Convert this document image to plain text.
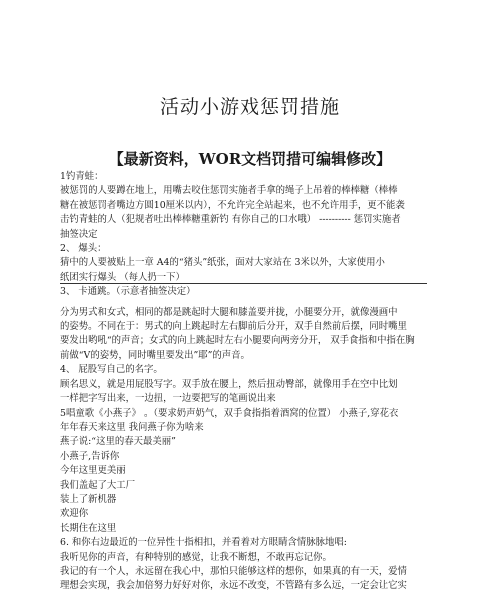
活动小游戏惩罚措施
【最新资料，WOR文档罚措可编辑修改】

1钓青蛙：

被惩罚的人要蹲在地上，用嘴去咬住惩罚实施者手拿的绳子上吊着的棒棒糖（棒棒

糖在被惩罚者嘴边方圆10厘米以内），不允许完全站起来，也不允许用手，更不能袭

击钓青蛙的人（犯规者吐出棒棒糖重新钓 有你自己的口水哦） ---------- 惩罚实施者

抽签决定

2、 爆头：

猜中的人要被贴上一章 A4的“猪头”纸张，面对大家站在 3米以外，大家使用小

纸团实行爆头 （每人扔一下）

3、 卡通跳。（示意者抽签决定）

分为男式和女式，相同的都是跳起时大腿和膝盖要并拢，小腿要分开，就像漫画中

的姿势。不同在于：男式的向上跳起时左右脚前后分开，双手自然前后摆，同时嘴里

要发出哟吼“的声音；女式的向上跳起时左右小腿要向两旁分开， 双手食指和中指在胸

前做“V的姿势，同时嘴里要发出”耶”的声音。

4、 屁股写自己的名字。

顾名思义，就是用屁股写字。双手放在腰上，然后扭动臀部，就像用手在空中比划

一样把字写出来，一边扭，一边要把写的笔画说出来

5唱童歌《小燕子》 。（要求奶声奶气，双手食指指着酒窝的位置） 小燕子,穿花衣

年年春天来这里 我问燕子你为啥来

燕子说:“这里的春天最美丽”

小燕子,告诉你

今年这里更美丽

我们盖起了大工厂

装上了新机器

欢迎你

长期住在这里

6. 和你右边最近的一位异性十指相扣，并看着对方眼睛含情脉脉地唱:

我听见你的声音，有种特别的感觉，让我不断想，不敢再忘记你。

我记的有一个人，永远留在我心中，那怕只能够这样的想你，如果真的有一天，爱情

理想会实现，我会加倍努力好好对你，永远不改变，不管路有多么远，一定会让它实
